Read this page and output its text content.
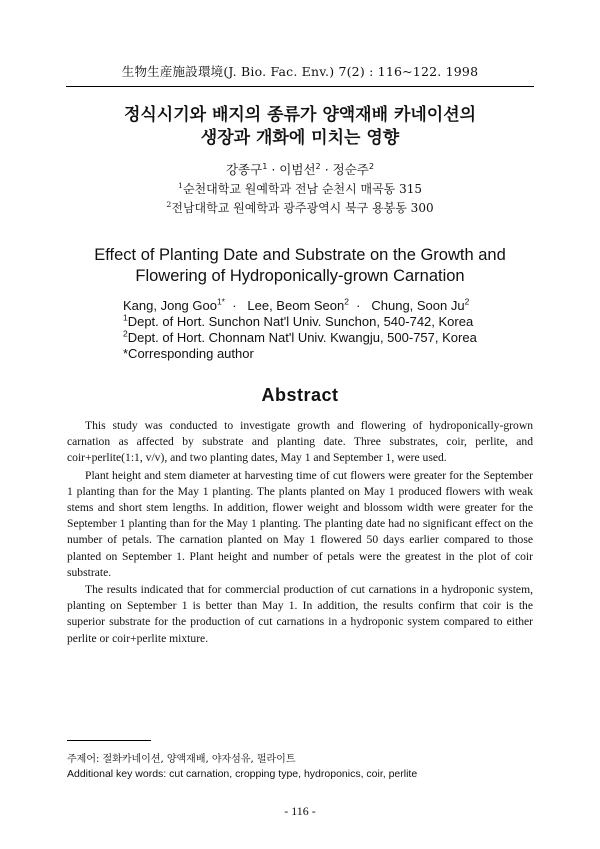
生物生産施設環境(J. Bio. Fac. Env.) 7(2) : 116~122. 1998
정식시기와 배지의 종류가 양액재배 카네이션의
생장과 개화에 미치는 영향
강종구$^1$ · 이범선$^2$ · 정순주$^2$
$^1$순천대학교 원예학과 전남 순천시 매곡동 315
$^2$전남대학교 원예학과 광주광역시 북구 용봉동 300
Effect of Planting Date and Substrate on the Growth and
Flowering of Hydroponically-grown Carnation
Kang, Jong Goo$^{1*}$  ·   Lee, Beom Seon$^2$  ·   Chung, Soon Ju$^2$
$^1$Dept. of Hort. Sunchon Nat'l Univ. Sunchon, 540-742, Korea
$^2$Dept. of Hort. Chonnam Nat'l Univ. Kwangju, 500-757, Korea
*Corresponding author
Abstract

This study was conducted to investigate growth and flowering of hydroponically-grown carnation as affected by substrate and planting date. Three substrates, coir, perlite, and coir+perlite(1:1, v/v), and two planting dates, May 1 and September 1, were used.

Plant height and stem diameter at harvesting time of cut flowers were greater for the September 1 planting than for the May 1 planting. The plants planted on May 1 produced flowers with weak stems and short stem lengths. In addition, flower weight and blossom width were greater for the September 1 planting than for the May 1 planting. The planting date had no significant effect on the number of petals. The carnation planted on May 1 flowered 50 days earlier compared to those planted on September 1. Plant height and number of petals were the greatest in the plot of coir substrate.

The results indicated that for commercial production of cut carnations in a hydroponic system, planting on September 1 is better than May 1. In addition, the results confirm that coir is the superior substrate for the production of cut carnations in a hydroponic system compared to either perlite or coir+perlite mixture.

주제어: 절화카네이션, 양액재배, 야자섬유, 펄라이트
Additional key words: cut carnation, cropping type, hydroponics, coir, perlite
- 116 -
